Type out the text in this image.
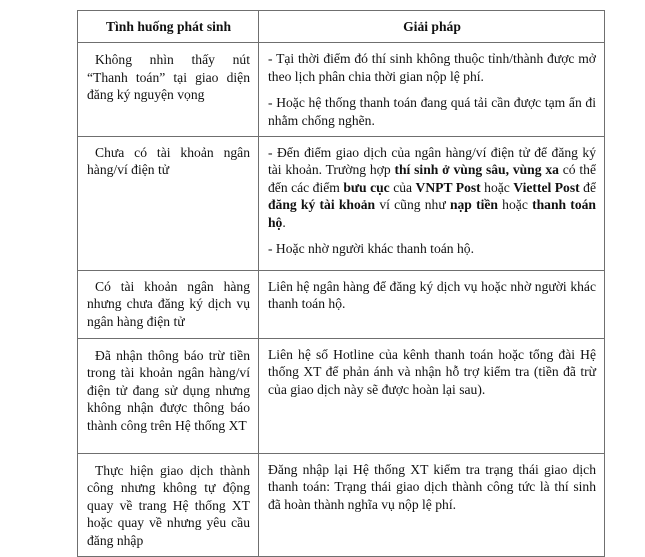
Tình huống phát sinh	Giải pháp

Không nhìn thấy nút “Thanh toán” tại giao diện đăng ký nguyện vọng	- Tại thời điểm đó thí sinh không thuộc tỉnh/thành được mở theo lịch phân chia thời gian nộp lệ phí.

- Hoặc hệ thống thanh toán đang quá tải cần được tạm ẩn đi nhằm chống nghẽn.

Chưa có tài khoản ngân hàng/ví điện tử	- Đến điểm giao dịch của ngân hàng/ví điện tử để đăng ký tài khoản. Trường hợp thí sinh ở vùng sâu, vùng xa có thể đến các điểm bưu cục của VNPT Post hoặc Viettel Post để đăng ký tài khoản ví cũng như nạp tiền hoặc thanh toán hộ.

- Hoặc nhờ người khác thanh toán hộ.

Có tài khoản ngân hàng nhưng chưa đăng ký dịch vụ ngân hàng điện tử	Liên hệ ngân hàng để đăng ký dịch vụ hoặc nhờ người khác thanh toán hộ.

Đã nhận thông báo trừ tiền trong tài khoản ngân hàng/ví điện tử đang sử dụng nhưng không nhận được thông báo thành công trên Hệ thống XT	Liên hệ số Hotline của kênh thanh toán hoặc tổng đài Hệ thống XT để phản ánh và nhận hỗ trợ kiểm tra (tiền đã trừ của giao dịch này sẽ được hoàn lại sau).

Thực hiện giao dịch thành công nhưng không tự động quay về trang Hệ thống XT hoặc quay về nhưng yêu cầu đăng nhập	Đăng nhập lại Hệ thống XT kiểm tra trạng thái giao dịch thanh toán: Trạng thái giao dịch thành công tức là thí sinh đã hoàn thành nghĩa vụ nộp lệ phí.
